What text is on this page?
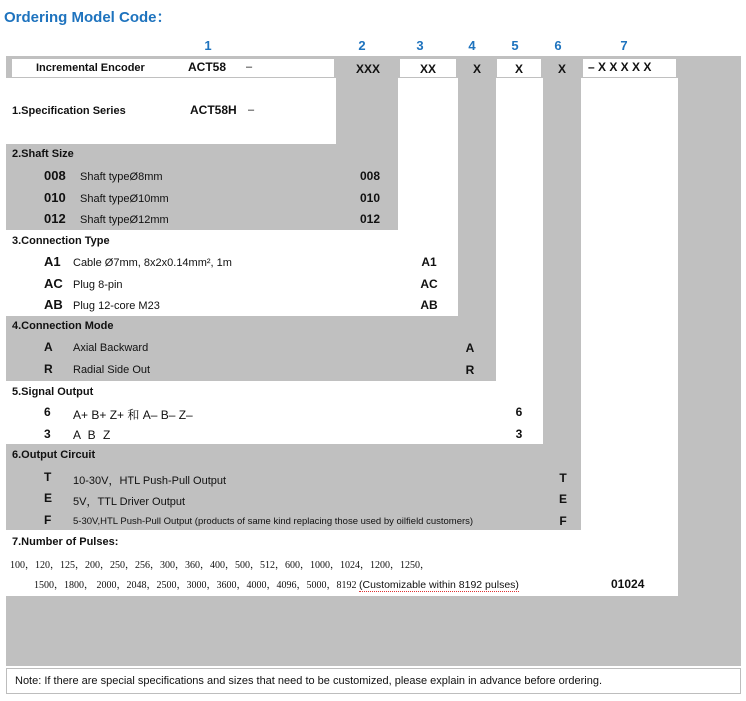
Ordering Model Code：
1	2	3	4	5	6	7
Incremental Encoder	ACT58 –	XXX	XX	X	X	X	– X X X X X
1.Specification Series	ACT58H –
2.Shaft Size
008 Shaft typeØ8mm	008
010 Shaft typeØ10mm	010
012 Shaft typeØ12mm	012
3.Connection Type
A1 Cable Ø7mm, 8x2x0.14mm², 1m	A1
AC Plug 8-pin	AC
AB Plug 12-core M23	AB
4.Connection Mode
A Axial Backward	A
R Radial Side Out	R
5.Signal Output
6 A+ B+ Z+ 和 A– B– Z–	6
3 A B Z	3
6.Output Circuit
T 10-30V，HTL Push-Pull Output	T
E 5V，TTL Driver Output	E
F 5-30V,HTL Push-Pull Output (products of same kind replacing those used by oilfield customers)	F
7.Number of Pulses:
100，120，125，200，250，256，300，360，400，500，512，600，1000，1024，1200，1250，
1500，1800， 2000，2048，2500，3000，3600，4000，4096，5000，8192 (Customizable within 8192 pulses)	01024
Note: If there are special specifications and sizes that need to be customized, please explain in advance before ordering.
